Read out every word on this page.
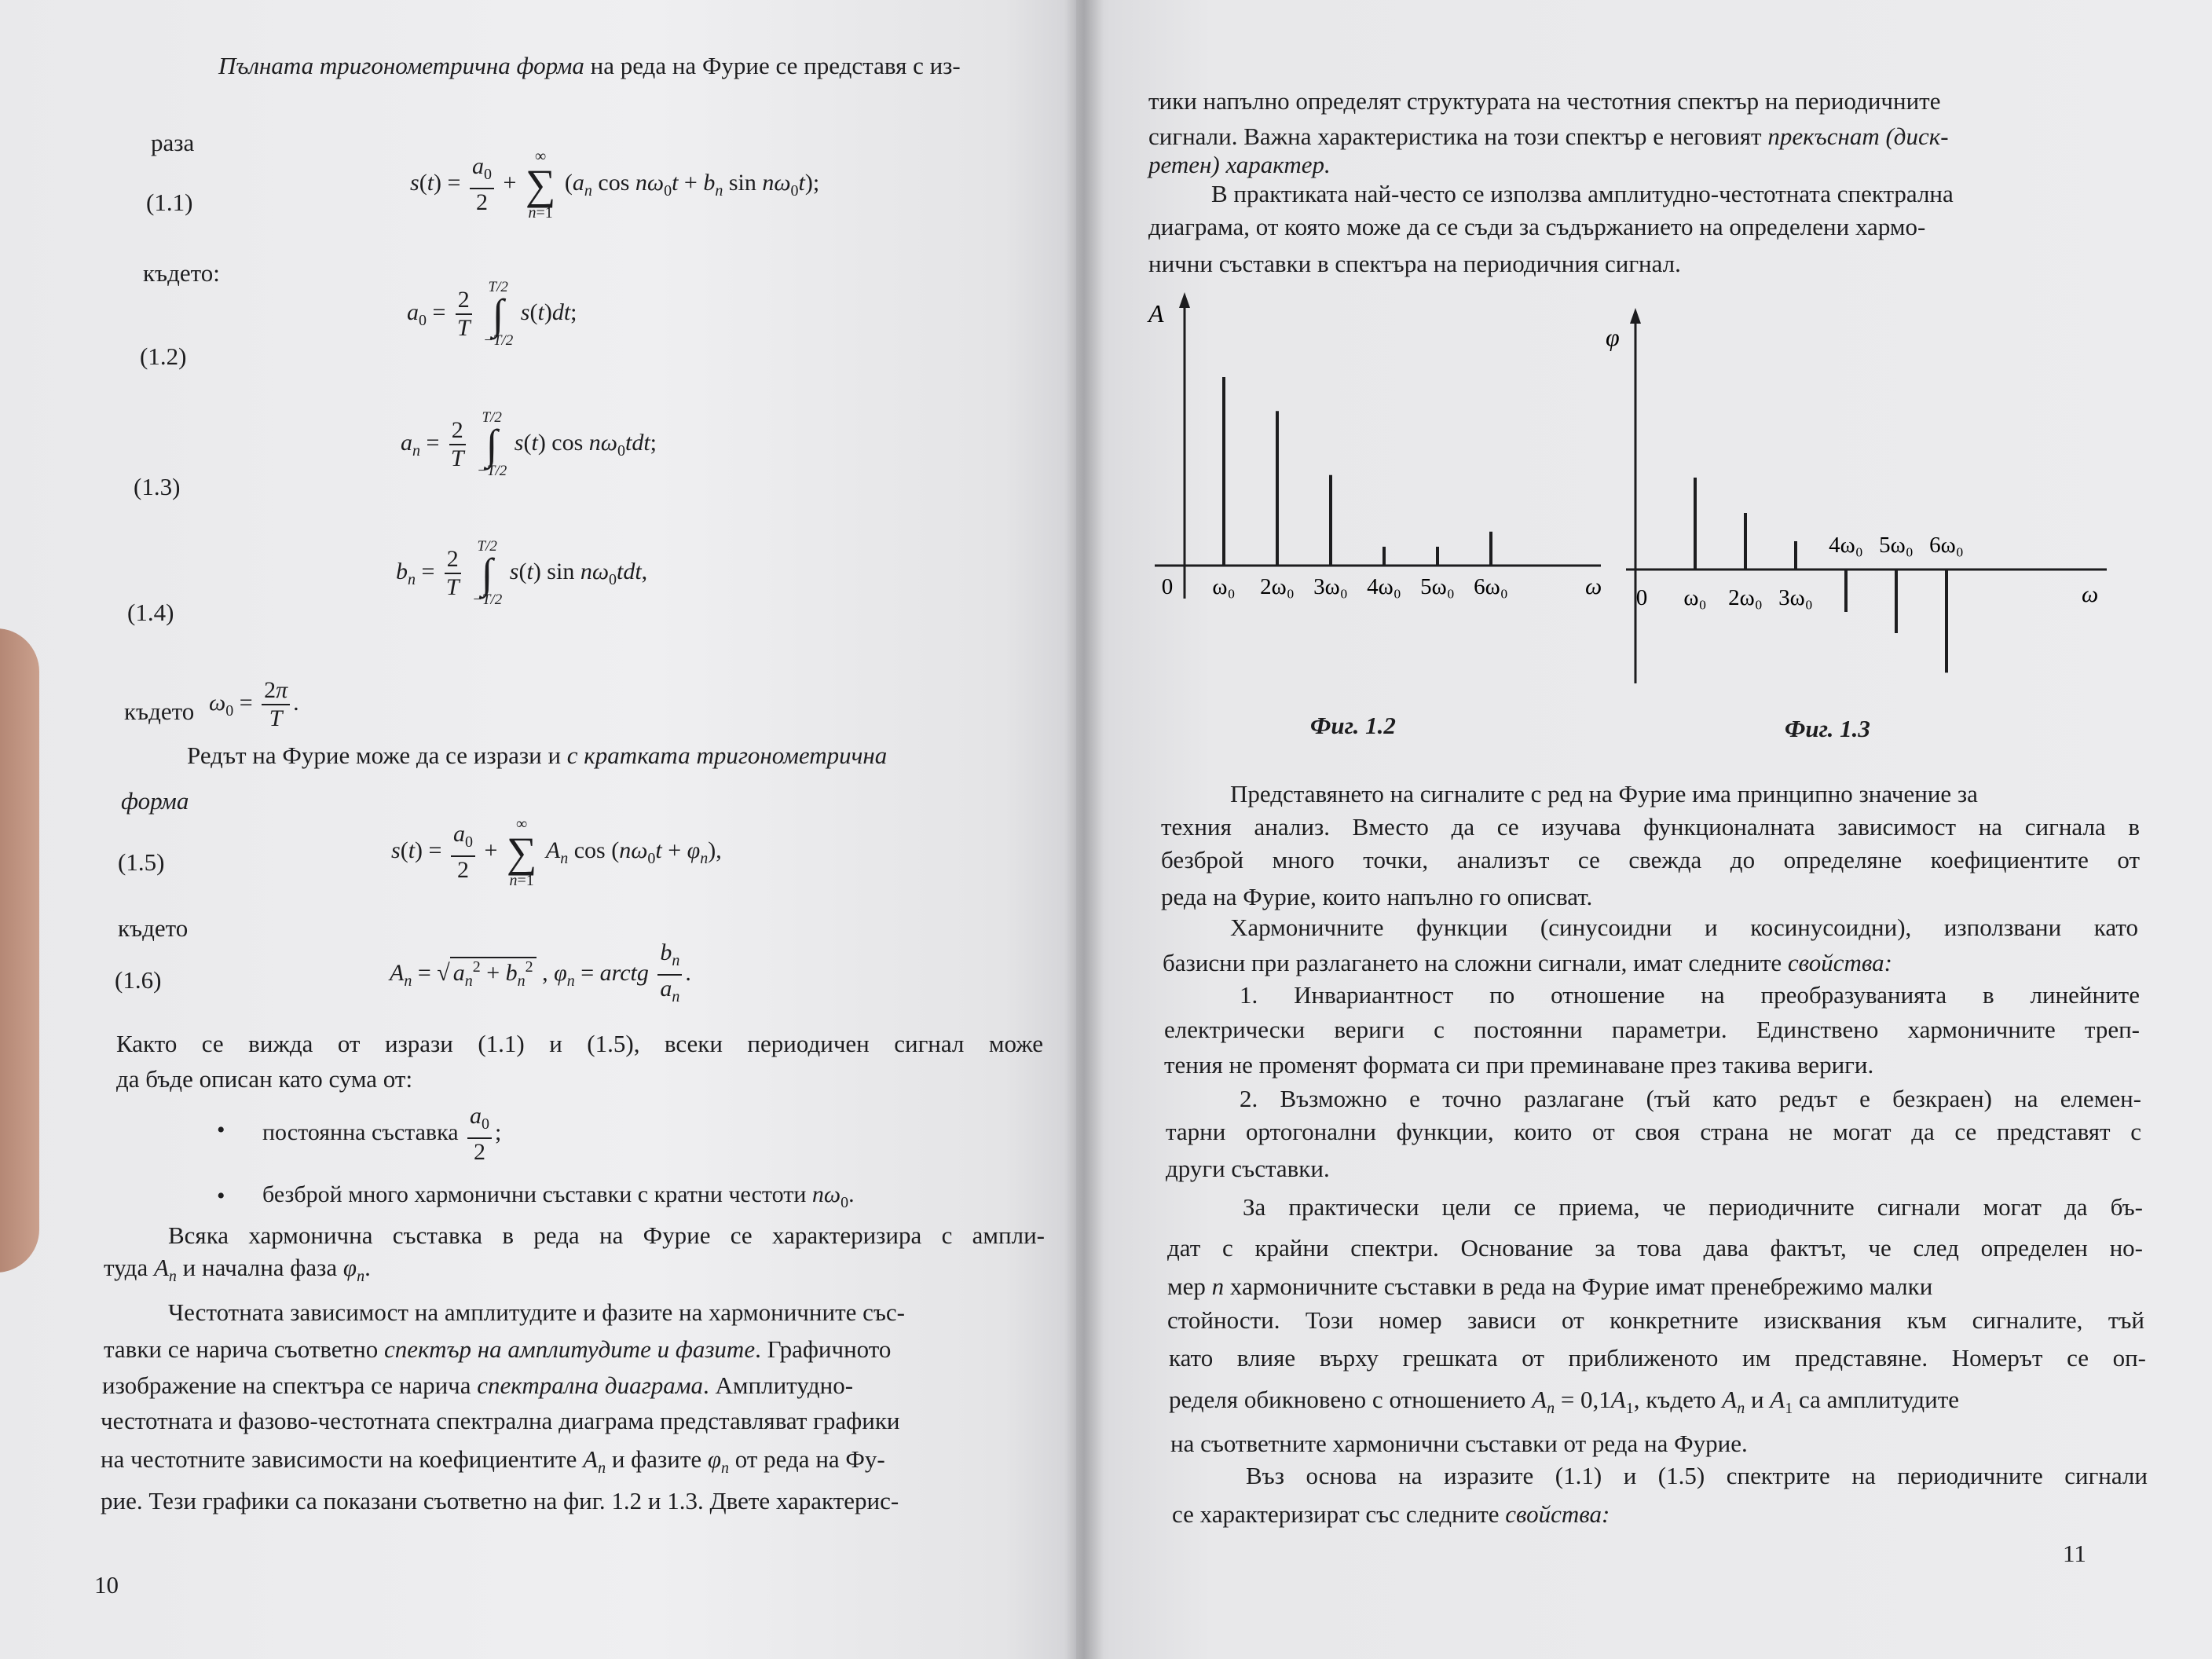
Пълната тригонометрична форма на реда на Фурие се представя с из-
раза
(1.1)
$s(t) = \frac{a_0}{2}$ +
∞
∑
n=1
($a_n$ $\cos n\omega_0t + b_n$ $\sin n\omega_0t$);
където:
(1.2)
$a_0 = \frac{2}{T}$
T/2
∫
−T/2
s(t)dt;
(1.3)
$a_n = \frac{2}{T}$
T/2
∫
−T/2
s(t) $\cos n\omega_0tdt$;
(1.4)
$b_n = \frac{2}{T}$
T/2
∫
−T/2
s(t) $\sin n\omega_0tdt$,
където $\omega_0 = \frac{2\pi}{T}$ .
Редът на Фурие може да се изрази и с кратката тригонометрична
форма
(1.5)	$s(t) = \frac{a_0}{2}$ +
∞
∑
n=1
$A_n$ $\cos (n\omega_0t + \varphi_n)$,
където
(1.6)	$A_n$ = √ $a_n^2 + b_n^2$ , $\varphi_n$ = arctg $\frac{b_n}{a_n}$ .
Както се вижда от изрази (1.1) и (1.5), всеки периодичен сигнал може
да бъде описан като сума от:
• постоянна съставка $\frac{a_0}{2}$ ;
• безброй много хармонични съставки с кратни честоти $n\omega_0$.
Всяка хармонична съставка в реда на Фурие се характеризира с ампли-
туда $A_n$ и начална фаза $\varphi_n$.
Честотната зависимост на амплитудите и фазите на хармоничните със-
тавки се нарича съответно спектър на амплитудите и фазите. Графичното
изображение на спектъра се нарича спектрална диаграма. Амплитудно-
честотната и фазово-честотната спектрална диаграма представляват графики
на честотните зависимости на коефициентите $A_n$ и фазите $\varphi_n$ от реда на Фу-
рие. Тези графики са показани съответно на фиг. 1.2 и 1.3. Двете характерис-
10
тики напълно определят структурата на честотния спектър на периодичните
сигнали. Важна характеристика на този спектър е неговият прекъснат (диск-
ретен) характер.
В практиката най-често се използва амплитудно-честотната спектрална
диаграма, от която може да се съди за съдържанието на определени хармо-
нични съставки в спектъра на периодичния сигнал.
A
ω
0 ω₀ 2ω₀ 3ω₀ 4ω₀ 5ω₀ 6ω₀
Фиг. 1.2
φ
ω
0 ω₀ 2ω₀ 3ω₀
4ω₀ 5ω₀ 6ω₀
Фиг. 1.3
Представянето на сигналите с ред на Фурие има принципно значение за
техния анализ. Вместо да се изучава функционалната зависимост на сигнала в
безброй много точки, анализът се свежда до определяне коефициентите от
реда на Фурие, които напълно го описват.
Хармоничните функции (синусоидни и косинусоидни), използвани като
базисни при разлагането на сложни сигнали, имат следните свойства:
1. Инвариантност по отношение на преобразуванията в линейните
електрически вериги с постоянни параметри. Единствено хармоничните треп-
тения не променят формата си при преминаване през такива вериги.
2. Възможно е точно разлагане (тъй като редът е безкраен) на елемен-
тарни ортогонални функции, които от своя страна не могат да се представят с
други съставки.
За практически цели се приема, че периодичните сигнали могат да бъ-
дат с крайни спектри. Основание за това дава фактът, че след определен но-
мер n хармоничните съставки в реда на Фурие имат пренебрежимо малки
стойности. Този номер зависи от конкретните изисквания към сигналите, тъй
като влияе върху грешката от приближеното им представяне. Номерът се оп-
ределя обикновено с отношението $A_n = 0,1A_1$, където $A_n$ и $A_1$ са амплитудите
на съответните хармонични съставки от реда на Фурие.
Въз основа на изразите (1.1) и (1.5) спектрите на периодичните сигнали
се характеризират със следните свойства:
11
